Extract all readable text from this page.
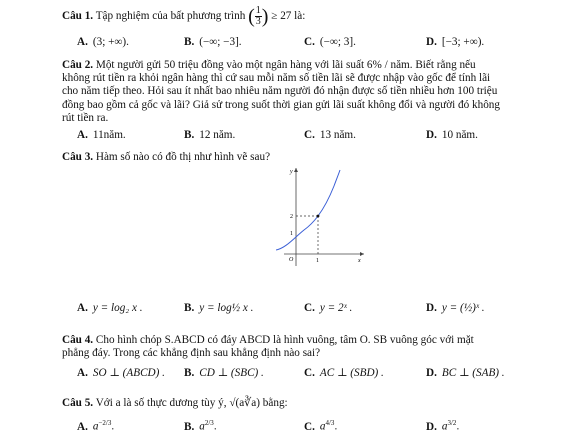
Câu 1. Tập nghiệm của bất phương trình ( $\frac{1}{3}$ ) ≥ 27 là:
A. (3; +∞).	B. (−∞; −3].	C. (−∞; 3].	D. [−3; +∞).

Câu 2. Một người gửi 50 triệu đồng vào một ngân hàng với lãi suất 6% / năm. Biết rằng nếu

không rút tiền ra khỏi ngân hàng thì cứ sau mỗi năm số tiền lãi sẽ được nhập vào gốc để tính lãi

cho năm tiếp theo. Hỏi sau ít nhất bao nhiêu năm người đó nhận được số tiền nhiều hơn 100 triệu

đồng bao gồm cả gốc và lãi? Giả sử trong suốt thời gian gửi lãi suất không đổi và người đó không

rút tiền ra.

A. 11năm.	B. 12 năm.	C. 13 năm.	D. 10 năm.
Câu 3. Hàm số nào có đồ thị như hình vẽ sau?
y
x
O	1
2
1
A. y = log₂ x .	B. y = log½ x .	C. y = 2ˣ .	D. y = (½)ˣ .

Câu 4. Cho hình chóp S.ABCD có đáy ABCD là hình vuông, tâm O. SB vuông góc với mặt

phẳng đáy. Trong các khẳng định sau khẳng định nào sai?

A. SO ⊥ (ABCD) . B. CD ⊥ (SBC) .	C. AC ⊥ (SBD) .	D. BC ⊥ (SAB) .
Câu 5. Với a là số thực dương tùy ý, √(a∛a) bằng:
A. $a^{-2/3}$.	B. $a^{2/3}$.	C. $a^{4/3}$.	D. $a^{3/2}$.
